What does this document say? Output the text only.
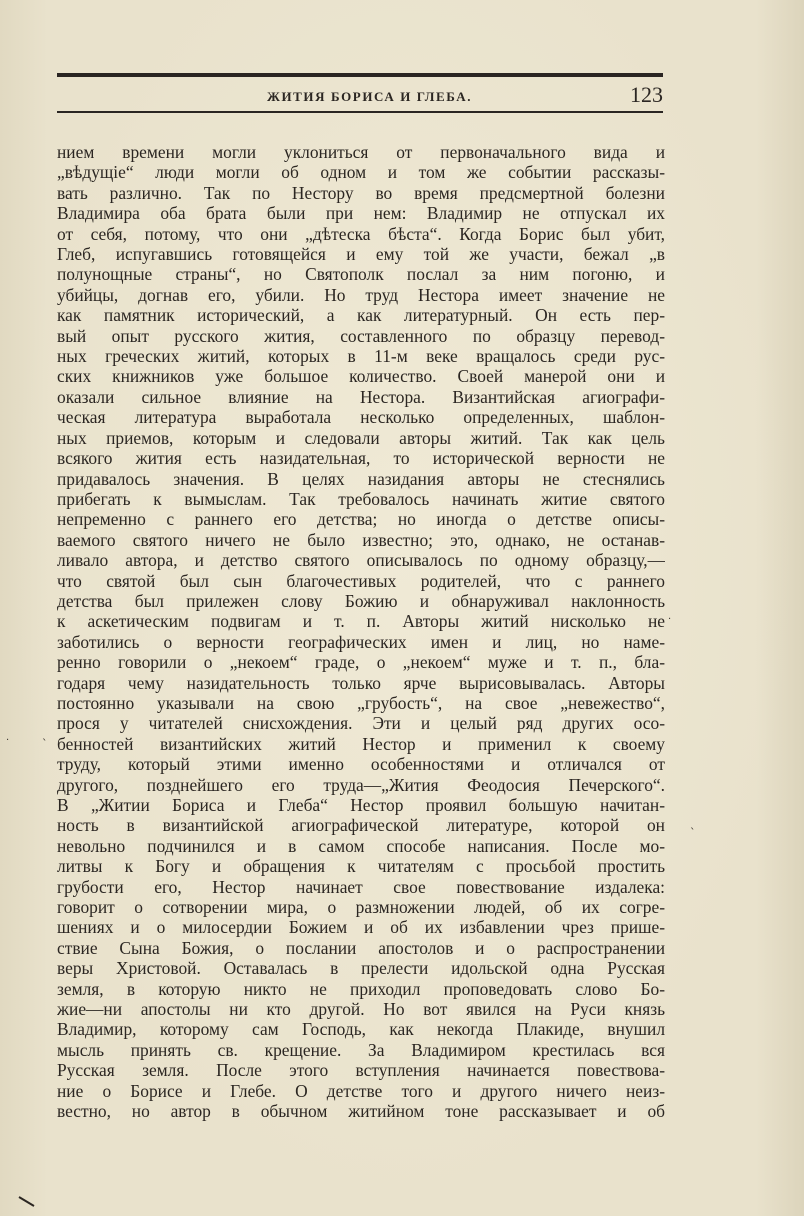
ЖИТИЯ БОРИСА И ГЛЕБА.	123
нием времени могли уклониться от первоначального вида и
„вѣдущіе“ люди могли об одном и том же событии рассказы-
вать различно. Так по Нестору во время предсмертной болезни
Владимира оба брата были при нем: Владимир не отпускал их
от себя, потому, что они „дѣтеска бѣста“. Когда Борис был убит,
Глеб, испугавшись готовящейся и ему той же участи, бежал „в
полунощные страны“, но Святополк послал за ним погоню, и
убийцы, догнав его, убили. Но труд Нестора имеет значение не
как памятник исторический, а как литературный. Он есть пер-
вый опыт русского жития, составленного по образцу перевод-
ных греческих житий, которых в 11-м веке вращалось среди рус-
ских книжников уже большое количество. Своей манерой они и
оказали сильное влияние на Нестора. Византийская агиографи-
ческая литература выработала несколько определенных, шаблон-
ных приемов, которым и следовали авторы житий. Так как цель
всякого жития есть назидательная, то исторической верности не
придавалось значения. В целях назидания авторы не стеснялись
прибегать к вымыслам. Так требовалось начинать житие святого
непременно с раннего его детства; но иногда о детстве описы-
ваемого святого ничего не было известно; это, однако, не останав-
ливало автора, и детство святого описывалось по одному образцу,—
что святой был сын благочестивых родителей, что с раннего
детства был прилежен слову Божию и обнаруживал наклонность
к аскетическим подвигам и т. п. Авторы житий нисколько не
заботились о верности географических имен и лиц, но наме-
ренно говорили о „некоем“ граде, о „некоем“ муже и т. п., бла-
годаря чему назидательность только ярче вырисовывалась. Авторы
постоянно указывали на свою „грубость“, на свое „невежество“,
прося у читателей снисхождения. Эти и целый ряд других осо-
бенностей византийских житий Нестор и применил к своему
труду, который этими именно особенностями и отличался от
другого, позднейшего его труда—„Жития Феодосия Печерского“.
В „Житии Бориса и Глеба“ Нестор проявил большую начитан-
ность в византийской агиографической литературе, которой он
невольно подчинился и в самом способе написания. После мо-
литвы к Богу и обращения к читателям с просьбой простить
грубости его, Нестор начинает свое повествование издалека:
говорит о сотворении мира, о размножении людей, об их согре-
шениях и о милосердии Божием и об их избавлении чрез прише-
ствие Сына Божия, о послании апостолов и о распространении
веры Христовой. Оставалась в прелести идольской одна Русская
земля, в которую никто не приходил проповедовать слово Бо-
жие—ни апостолы ни кто другой. Но вот явился на Руси князь
Владимир, которому сам Господь, как некогда Плакиде, внушил
мысль принять св. крещение. За Владимиром крестилась вся
Русская земля. После этого вступления начинается повествова-
ние о Борисе и Глебе. О детстве того и другого ничего неиз-
вестно, но автор в обычном житийном тоне рассказывает и об
·
·	ˎ
ˋ
